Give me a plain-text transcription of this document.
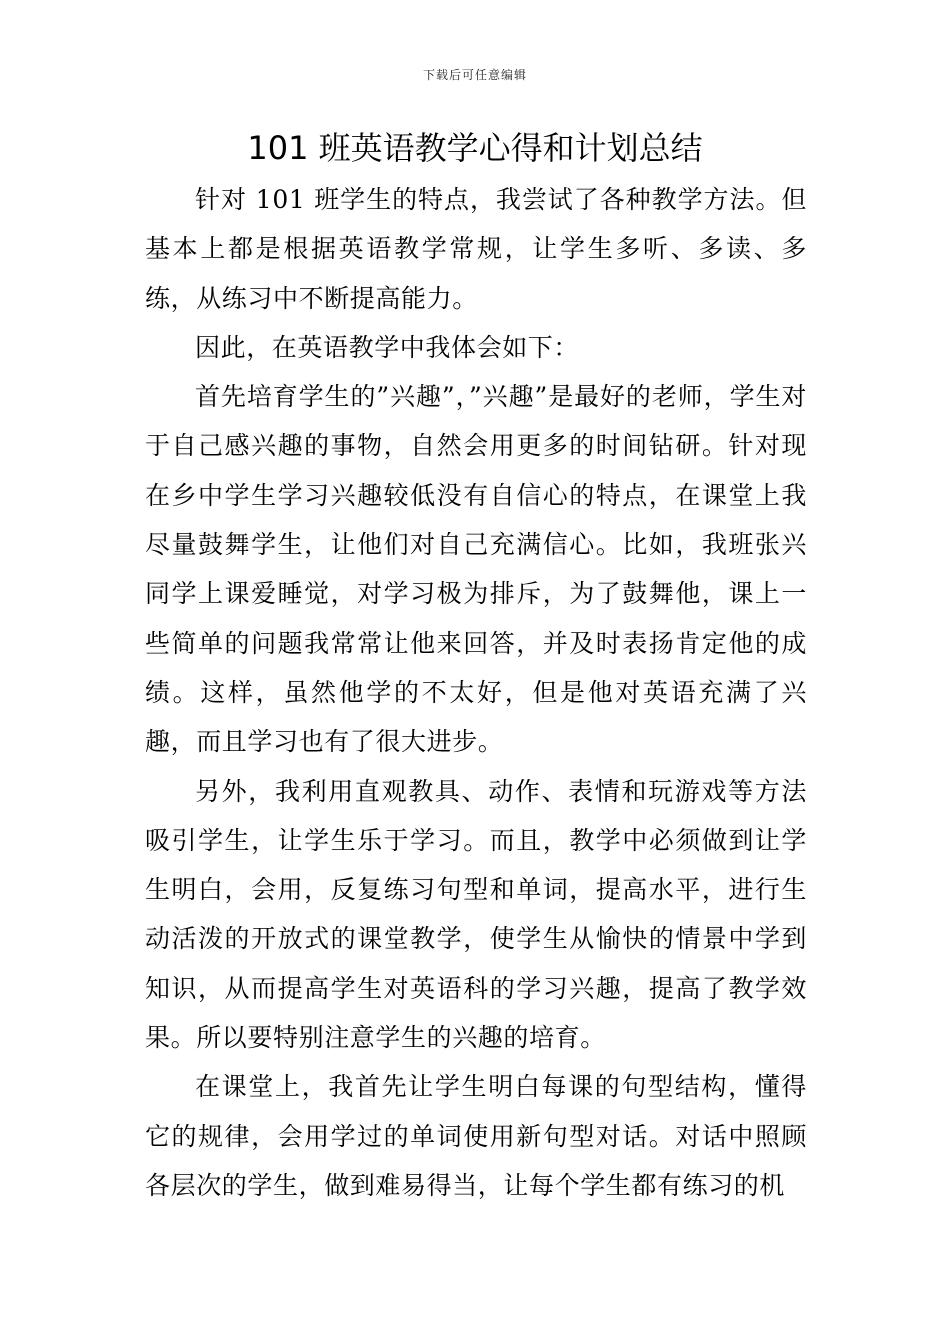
下载后可任意编辑
101 班英语教学心得和计划总结

针对 101 班学生的特点，我尝试了各种教学方法。但基本上都是根据英语教学常规，让学生多听、多读、多练，从练习中不断提高能力。

因此，在英语教学中我体会如下：

首先培育学生的”兴趣”，”兴趣”是最好的老师，学生对于自己感兴趣的事物，自然会用更多的时间钻研。针对现在乡中学生学习兴趣较低没有自信心的特点，在课堂上我尽量鼓舞学生，让他们对自己充满信心。比如，我班张兴同学上课爱睡觉，对学习极为排斥，为了鼓舞他，课上一些简单的问题我常常让他来回答，并及时表扬肯定他的成绩。这样，虽然他学的不太好，但是他对英语充满了兴趣，而且学习也有了很大进步。

另外，我利用直观教具、动作、表情和玩游戏等方法吸引学生，让学生乐于学习。而且，教学中必须做到让学生明白，会用，反复练习句型和单词，提高水平，进行生动活泼的开放式的课堂教学，使学生从愉快的情景中学到知识，从而提高学生对英语科的学习兴趣，提高了教学效果。所以要特别注意学生的兴趣的培育。

在课堂上，我首先让学生明白每课的句型结构，懂得它的规律，会用学过的单词使用新句型对话。对话中照顾各层次的学生，做到难易得当，让每个学生都有练习的机
